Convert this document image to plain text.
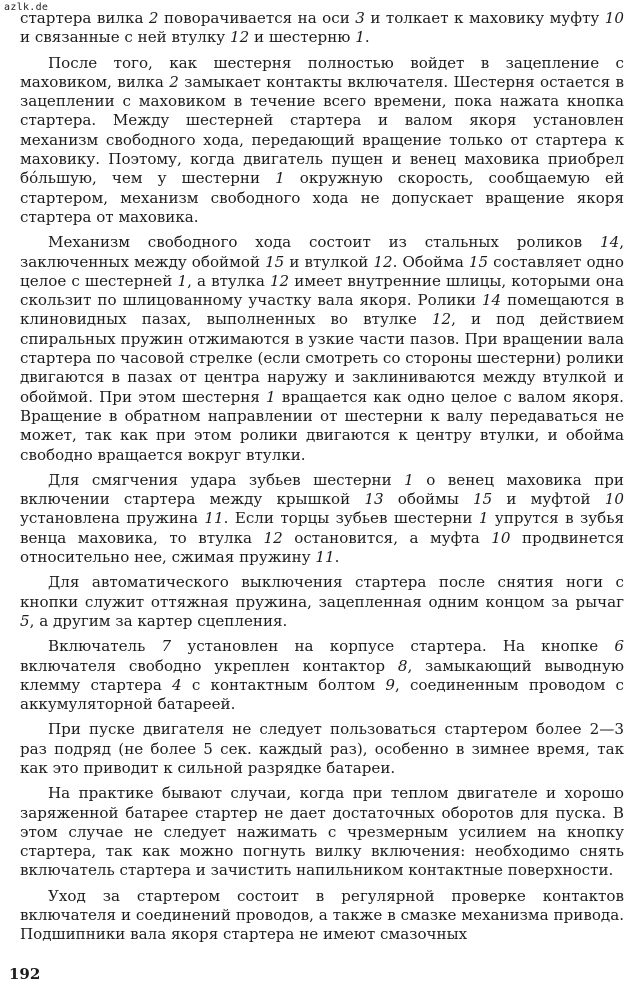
azlk.de

стартера вилка 2 поворачивается на оси 3 и толкает к маховику муфту 10 и связанные с ней втулку 12 и шестерню 1.

После того, как шестерня полностью войдет в зацепление с маховиком, вилка 2 замыкает контакты включателя. Шестерня остается в зацеплении с маховиком в течение всего времени, пока нажата кнопка стартера. Между шестерней стартера и валом якоря установлен механизм свободного хода, передающий вращение только от стартера к маховику. Поэтому, когда двигатель пущен и венец маховика приобрел бо́льшую, чем у шестерни 1 окружную скорость, сообщаемую ей стартером, механизм свободного хода не допускает вращение якоря стартера от маховика.

Механизм свободного хода состоит из стальных роликов 14, заключенных между обоймой 15 и втулкой 12. Обойма 15 составляет одно целое с шестерней 1, а втулка 12 имеет внутренние шлицы, которыми она скользит по шлицованному участку вала якоря. Ролики 14 помещаются в клиновидных пазах, выполненных во втулке 12, и под действием спиральных пружин отжимаются в узкие части пазов. При вращении вала стартера по часовой стрелке (если смотреть со стороны шестерни) ролики двигаются в пазах от центра наружу и заклиниваются между втулкой и обоймой. При этом шестерня 1 вращается как одно целое с валом якоря. Вращение в обратном направлении от шестерни к валу передаваться не может, так как при этом ролики двигаются к центру втулки, и обойма свободно вращается вокруг втулки.

Для смягчения удара зубьев шестерни 1 о венец маховика при включении стартера между крышкой 13 обоймы 15 и муфтой 10 установлена пружина 11. Если торцы зубьев шестерни 1 упрутся в зубья венца маховика, то втулка 12 остановится, а муфта 10 продвинется относительно нее, сжимая пружину 11.

Для автоматического выключения стартера после снятия ноги с кнопки служит оттяжная пружина, зацепленная одним концом за рычаг 5, а другим за картер сцепления.

Включатель 7 установлен на корпусе стартера. На кнопке 6 включателя свободно укреплен контактор 8, замыкающий выводную клемму стартера 4 с контактным болтом 9, соединенным проводом с аккумуляторной батареей.

При пуске двигателя не следует пользоваться стартером более 2—3 раз подряд (не более 5 сек. каждый раз), особенно в зимнее время, так как это приводит к сильной разрядке батареи.

На практике бывают случаи, когда при теплом двигателе и хорошо заряженной батарее стартер не дает достаточных оборотов для пуска. В этом случае не следует нажимать с чрезмерным усилием на кнопку стартера, так как можно погнуть вилку включения: необходимо снять включатель стартера и зачистить напильником контактные поверхности.

Уход за стартером состоит в регулярной проверке контактов включателя и соединений проводов, а также в смазке механизма привода. Подшипники вала якоря стартера не имеют смазочных

192
